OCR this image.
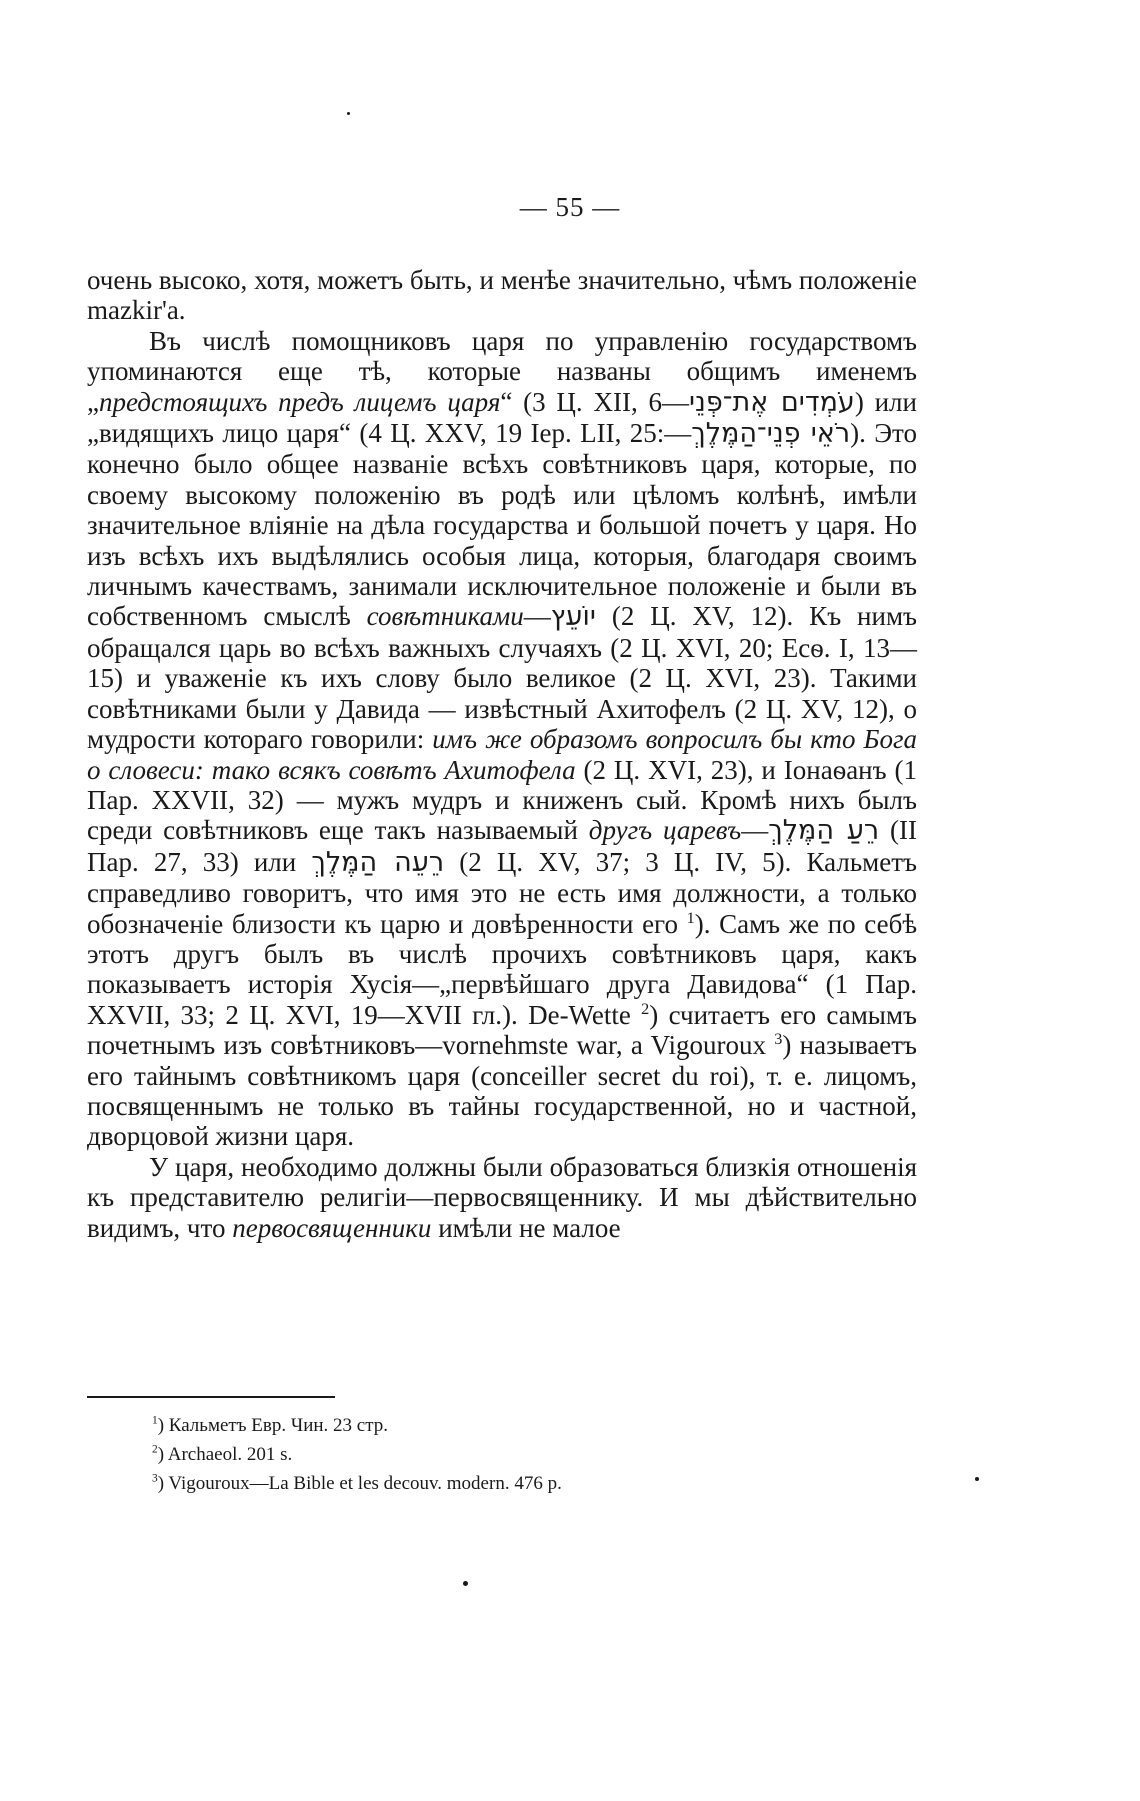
— 55 —

очень высоко, хотя, можетъ быть, и менѣе значительно, чѣмъ положеніе mazkir'а.

Въ числѣ помощниковъ царя по управленію государствомъ упоминаются еще тѣ, которые названы общимъ именемъ „предстоящихъ предъ лицемъ царя“ (3 Ц. XII, 6—עֹמְדִים אֶת־פְּנֵי) или „видящихъ лицо царя“ (4 Ц. XXV, 19 Іер. LII, 25:—רֹאֵי פְנֵי־הַמֶּלֶךְ). Это конечно было общее названіе всѣхъ совѣтниковъ царя, которые, по своему высокому положенію въ родѣ или цѣломъ колѣнѣ, имѣли значительное вліяніе на дѣла государства и большой почетъ у царя. Но изъ всѣхъ ихъ выдѣлялись особыя лица, которыя, благодаря своимъ личнымъ качествамъ, занимали исключительное положеніе и были въ собственномъ смыслѣ совѣтниками—יוֹעֵץ (2 Ц. XV, 12). Къ нимъ обращался царь во всѣхъ важныхъ случаяхъ (2 Ц. XVI, 20; Есѳ. I, 13—15) и уваженіе къ ихъ слову было великое (2 Ц. XVI, 23). Такими совѣтниками были у Давида — извѣстный Ахитофелъ (2 Ц. XV, 12), о мудрости котораго говорили: имъ же образомъ вопросилъ бы кто Бога о словеси: тако всякъ совѣтъ Ахитофела (2 Ц. XVI, 23), и Іонаѳанъ (1 Пар. XXVII, 32) — мужъ мудръ и книженъ сый. Кромѣ нихъ былъ среди совѣтниковъ еще такъ называемый другъ царевъ—רֵעַ הַמֶּלֶךְ (II Пар. 27, 33) или רֵעֵה הַמֶּלֶךְ (2 Ц. XV, 37; 3 Ц. IV, 5). Кальметъ справедливо говоритъ, что имя это не есть имя должности, а только обозначеніе близости къ царю и довѣренности его $^1$). Самъ же по себѣ этотъ другъ былъ въ числѣ прочихъ совѣтниковъ царя, какъ показываетъ исторія Хусія—„первѣйшаго друга Давидова“ (1 Пар. XXVII, 33; 2 Ц. XVI, 19—XVII гл.). De-Wette $^2$) считаетъ его самымъ почетнымъ изъ совѣтниковъ—vornehmste war, a Vigouroux $^3$) называетъ его тайнымъ совѣтникомъ царя (conceiller secret du roi), т. е. лицомъ, посвященнымъ не только въ тайны государственной, но и частной, дворцовой жизни царя.

У царя, необходимо должны были образоваться близкія отношенія къ представителю религіи—первосвященнику. И мы дѣйствительно видимъ, что первосвященники имѣли не малое

$^1$) Кальметъ Евр. Чин. 23 стр.

$^2$) Archaeol. 201 s.

$^3$) Vigouroux—La Bible et les decouv. modern. 476 p.
